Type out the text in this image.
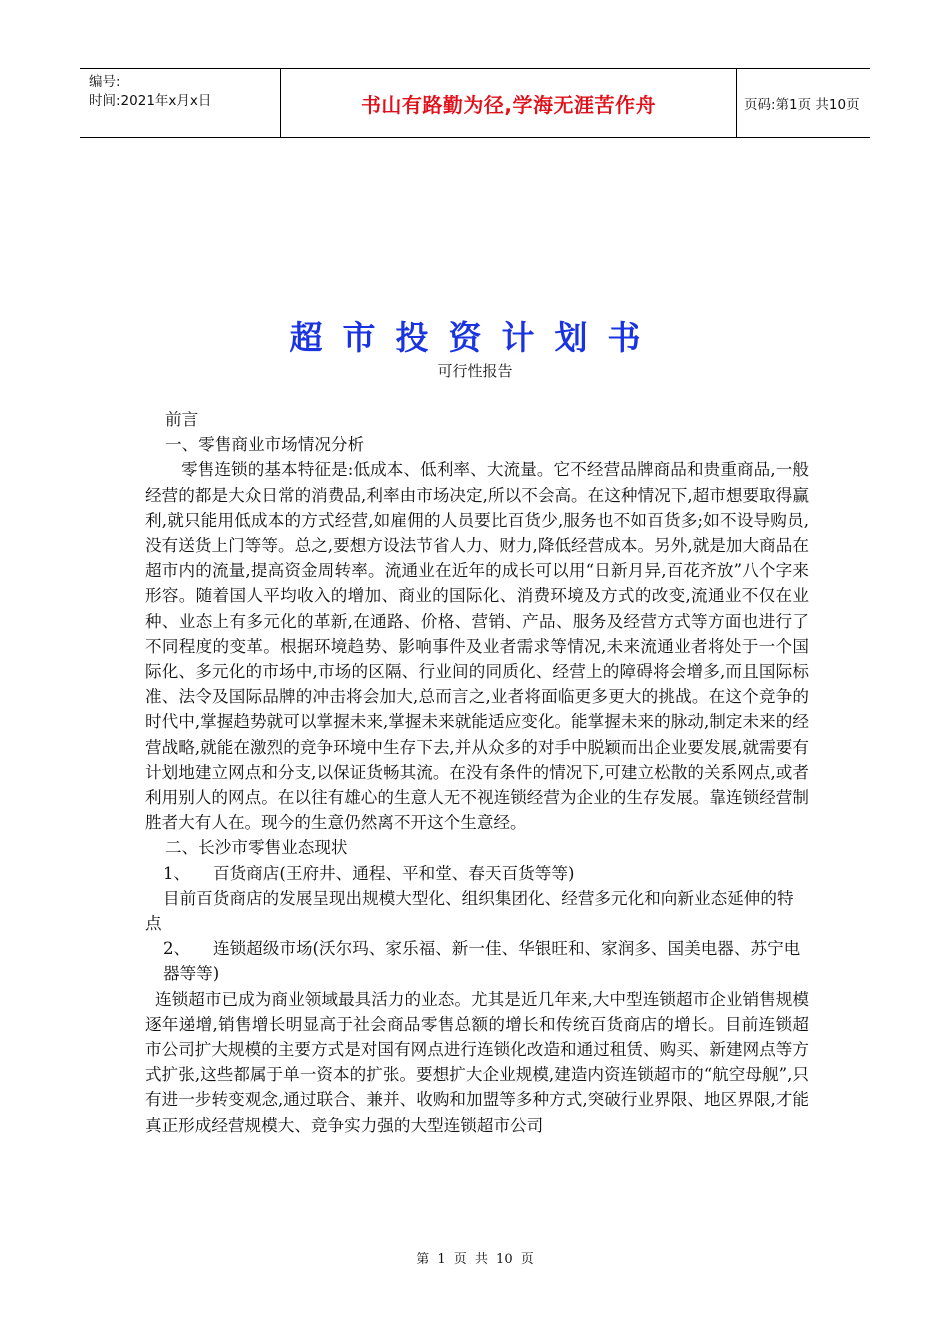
编号:
时间:2021年x月x日	书山有路勤为径,学海无涯苦作舟	页码:第1页 共10页
超市投资计划书
可行性报告

前言

一、零售商业市场情况分析

零售连锁的基本特征是:低成本、低利率、大流量。它不经营品牌商品和贵重商品,一般经营的都是大众日常的消费品,利率由市场决定,所以不会高。在这种情况下,超市想要取得赢利,就只能用低成本的方式经营,如雇佣的人员要比百货少,服务也不如百货多;如不设导购员,没有送货上门等等。总之,要想方设法节省人力、财力,降低经营成本。另外,就是加大商品在超市内的流量,提高资金周转率。流通业在近年的成长可以用“日新月异,百花齐放”八个字来形容。随着国人平均收入的增加、商业的国际化、消费环境及方式的改变,流通业不仅在业种、业态上有多元化的革新,在通路、价格、营销、产品、服务及经营方式等方面也进行了不同程度的变革。根据环境趋势、影响事件及业者需求等情况,未来流通业者将处于一个国际化、多元化的市场中,市场的区隔、行业间的同质化、经营上的障碍将会增多,而且国际标准、法令及国际品牌的冲击将会加大,总而言之,业者将面临更多更大的挑战。在这个竞争的时代中,掌握趋势就可以掌握未来,掌握未来就能适应变化。能掌握未来的脉动,制定未来的经营战略,就能在激烈的竞争环境中生存下去,并从众多的对手中脱颖而出企业要发展,就需要有计划地建立网点和分支,以保证货畅其流。在没有条件的情况下,可建立松散的关系网点,或者利用别人的网点。在以往有雄心的生意人无不视连锁经营为企业的生存发展。靠连锁经营制胜者大有人在。现今的生意仍然离不开这个生意经。

二、长沙市零售业态现状

1、 百货商店(王府井、通程、平和堂、春天百货等等)

目前百货商店的发展呈现出规模大型化、组织集团化、经营多元化和向新业态延伸的特点

2、 连锁超级市场(沃尔玛、家乐福、新一佳、华银旺和、家润多、国美电器、苏宁电器等等)

连锁超市已成为商业领域最具活力的业态。尤其是近几年来,大中型连锁超市企业销售规模逐年递增,销售增长明显高于社会商品零售总额的增长和传统百货商店的增长。目前连锁超市公司扩大规模的主要方式是对国有网点进行连锁化改造和通过租赁、购买、新建网点等方式扩张,这些都属于单一资本的扩张。要想扩大企业规模,建造内资连锁超市的“航空母舰”,只有进一步转变观念,通过联合、兼并、收购和加盟等多种方式,突破行业界限、地区界限,才能真正形成经营规模大、竞争实力强的大型连锁超市公司

第 1 页 共 10 页
